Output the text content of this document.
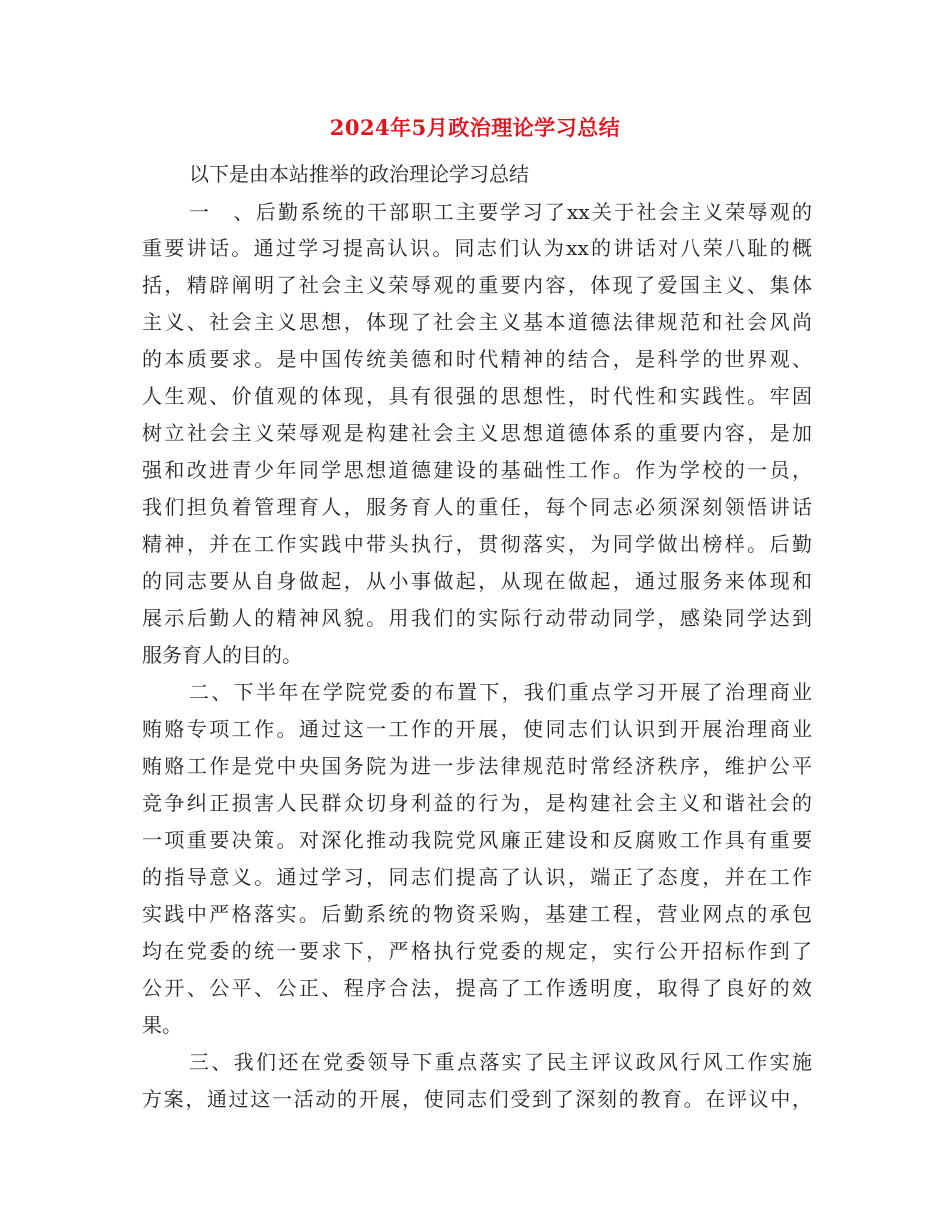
2024年5月政治理论学习总结
以下是由本站推举的政治理论学习总结
一　、后勤系统的干部职工主要学习了xx关于社会主义荣辱观的
重要讲话。通过学习提高认识。同志们认为xx的讲话对八荣八耻的概
括，精辟阐明了社会主义荣辱观的重要内容，体现了爱国主义、集体
主义、社会主义思想，体现了社会主义基本道德法律规范和社会风尚
的本质要求。是中国传统美德和时代精神的结合，是科学的世界观、
人生观、价值观的体现，具有很强的思想性，时代性和实践性。牢固
树立社会主义荣辱观是构建社会主义思想道德体系的重要内容，是加
强和改进青少年同学思想道德建设的基础性工作。作为学校的一员，
我们担负着管理育人，服务育人的重任，每个同志必须深刻领悟讲话
精神，并在工作实践中带头执行，贯彻落实，为同学做出榜样。后勤
的同志要从自身做起，从小事做起，从现在做起，通过服务来体现和
展示后勤人的精神风貌。用我们的实际行动带动同学，感染同学达到
服务育人的目的。
二、下半年在学院党委的布置下，我们重点学习开展了治理商业
贿赂专项工作。通过这一工作的开展，使同志们认识到开展治理商业
贿赂工作是党中央国务院为进一步法律规范时常经济秩序，维护公平
竞争纠正损害人民群众切身利益的行为，是构建社会主义和谐社会的
一项重要决策。对深化推动我院党风廉正建设和反腐败工作具有重要
的指导意义。通过学习，同志们提高了认识，端正了态度，并在工作
实践中严格落实。后勤系统的物资采购，基建工程，营业网点的承包
均在党委的统一要求下，严格执行党委的规定，实行公开招标作到了
公开、公平、公正、程序合法，提高了工作透明度，取得了良好的效
果。
三、我们还在党委领导下重点落实了民主评议政风行风工作实施
方案，通过这一活动的开展，使同志们受到了深刻的教育。在评议中，
